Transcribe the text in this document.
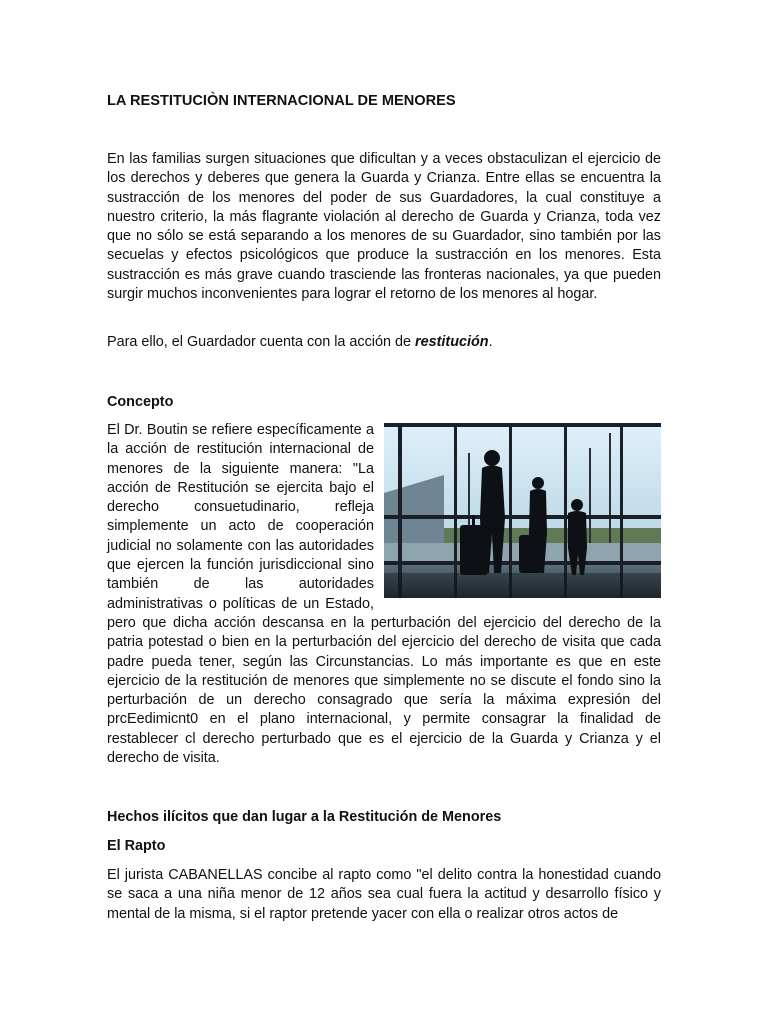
LA RESTITUCIÒN INTERNACIONAL DE MENORES

En las familias surgen situaciones que dificultan y a veces obstaculizan el ejercicio de los derechos y deberes que genera la Guarda y Crianza. Entre ellas se encuentra la sustracción de los menores del poder de sus Guardadores, la cual constituye a nuestro criterio, la más flagrante violación al derecho de Guarda y Crianza, toda vez que no sólo se está separando a los menores de su Guardador, sino también por las secuelas y efectos psicológicos que produce la sustracción en los menores. Esta sustracción es más grave cuando trasciende las fronteras nacionales, ya que pueden surgir muchos inconvenientes para lograr el retorno de los menores al hogar.

Para ello, el Guardador cuenta con la acción de restitución.

Concepto

El Dr. Boutin se refiere específicamente a la acción de restitución internacional de menores de la siguiente manera: "La acción de Restitución se ejercita bajo el derecho consuetudinario, refleja simplemente un acto de cooperación judicial no solamente con las autoridades que ejercen la función jurisdiccional sino también de las autoridades administrativas o políticas de un Estado, pero que dicha acción descansa en la perturbación del ejercicio del derecho de la patria potestad o bien en la perturbación del ejercicio del derecho de visita que cada padre pueda tener, según las Circunstancias. Lo más importante es que en este ejercicio de la restitución de menores que simplemente no se discute el fondo sino la perturbación de un derecho consagrado que sería la máxima expresión del prcEedimicnt0 en el plano internacional, y permite consagrar la finalidad de restablecer cl derecho perturbado que es el ejercicio de la Guarda y Crianza y el derecho de visita.

Hechos ilícitos que dan lugar a la Restitución de Menores
El Rapto

El jurista CABANELLAS concibe al rapto como "el delito contra la honestidad cuando se saca a una niña menor de 12 años sea cual fuera la actitud y desarrollo físico y mental de la misma, si el raptor pretende yacer con ella o realizar otros actos de
